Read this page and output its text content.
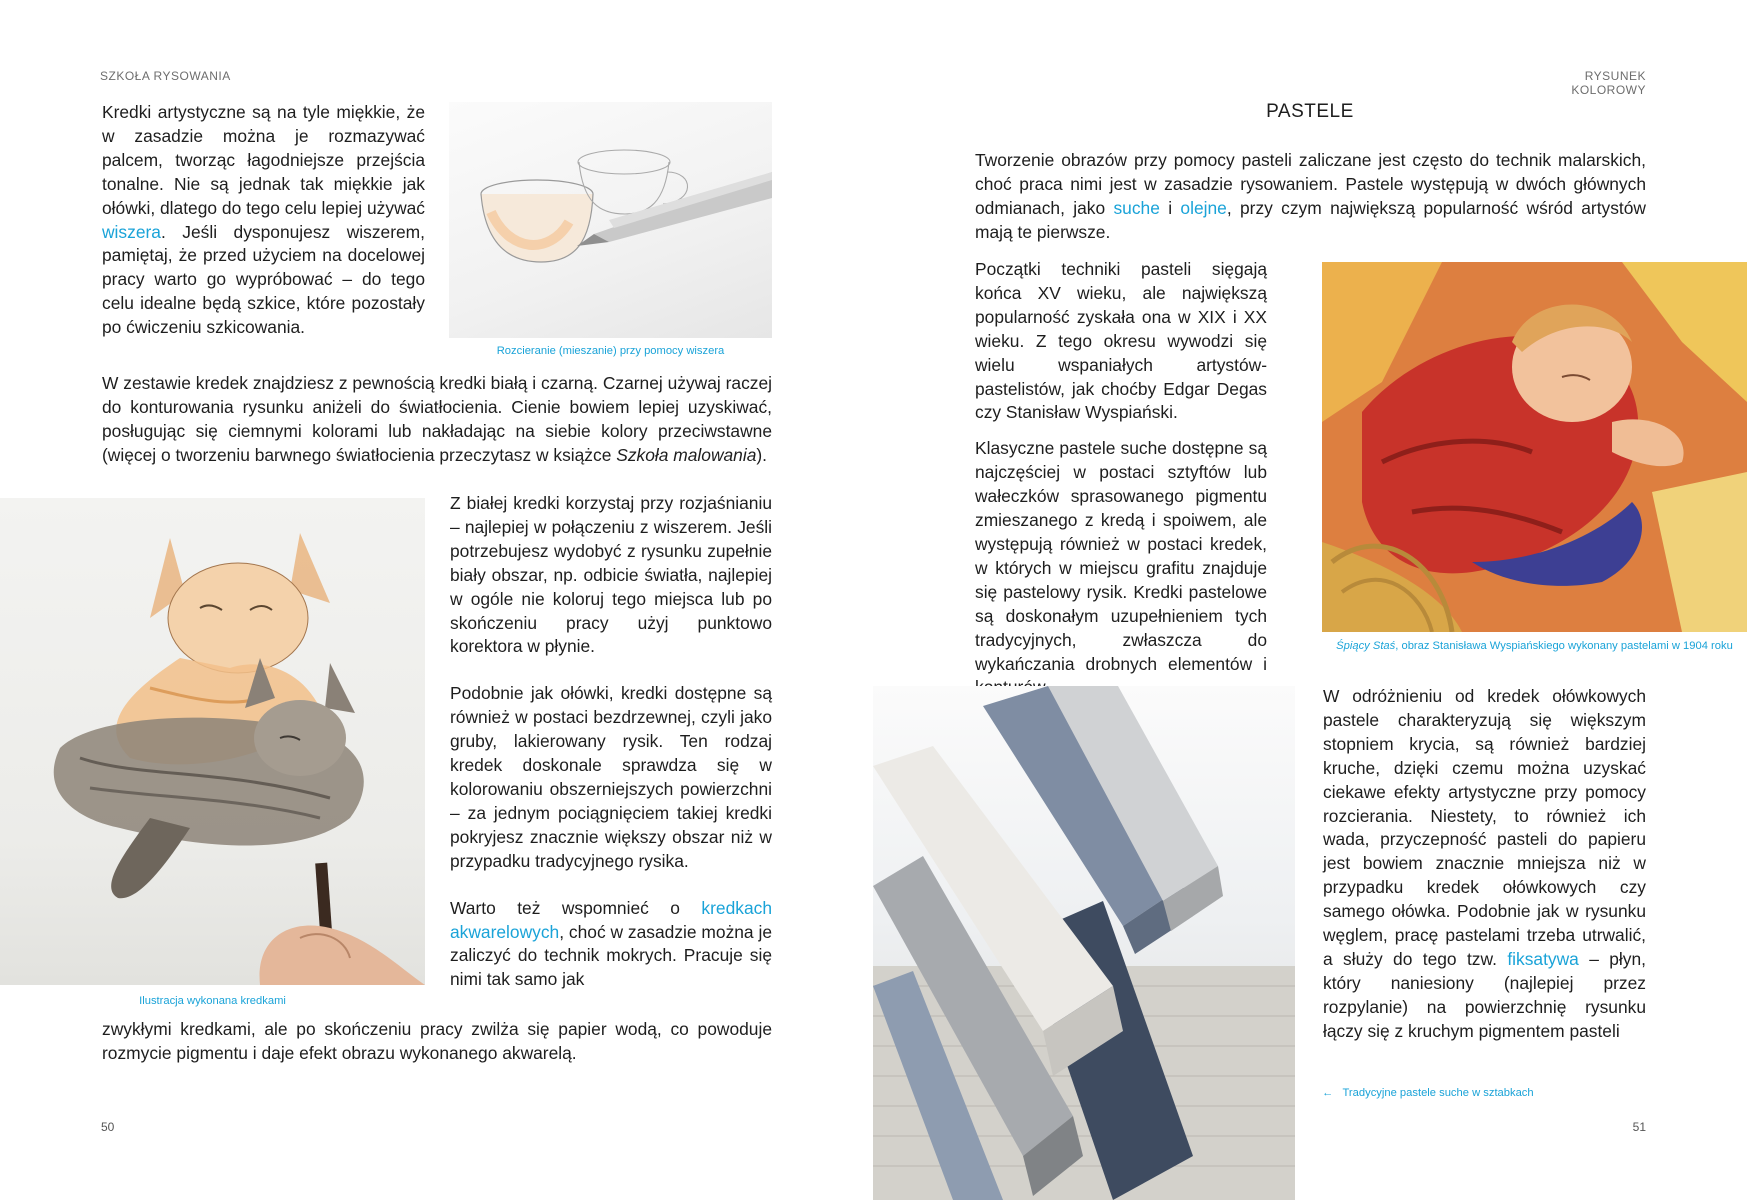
SZKOŁA RYSOWANIA
Kredki artystyczne są na tyle miękkie, że w zasadzie można je rozmazywać palcem, tworząc łagodniejsze przejścia tonalne. Nie są jednak tak miękkie jak ołówki, dlatego do tego celu lepiej używać wiszera. Jeśli dysponujesz wiszerem, pamiętaj, że przed użyciem na docelowej pracy warto go wypróbować – do tego celu idealne będą szkice, które pozostały po ćwiczeniu szkicowania.
Rozcieranie (mieszanie) przy pomocy wiszera
W zestawie kredek znajdziesz z pewnością kredki białą i czarną. Czarnej używaj raczej do konturowania rysunku aniżeli do światłocienia. Cienie bowiem lepiej uzyskiwać, posługując się ciemnymi kolorami lub nakładając na siebie kolory przeciwstawne (więcej o tworzeniu barwnego światłocienia przeczytasz w książce Szkoła malowania).
Ilustracja wykonana kredkami

Z białej kredki korzystaj przy rozjaśnianiu – najlepiej w połączeniu z wiszerem. Jeśli potrzebujesz wydobyć z rysunku zupełnie biały obszar, np. odbicie światła, najlepiej w ogóle nie koloruj tego miejsca lub po skończeniu pracy użyj punktowo korektora w płynie.

Podobnie jak ołówki, kredki dostępne są również w postaci bezdrzewnej, czyli jako gruby, lakierowany rysik. Ten rodzaj kredek doskonale sprawdza się w kolorowaniu obszerniejszych powierzchni – za jednym pociągnięciem takiej kredki pokryjesz znacznie większy obszar niż w przypadku tradycyjnego rysika.

Warto też wspomnieć o kredkach akwarelowych, choć w zasadzie można je zaliczyć do technik mokrych. Pracuje się nimi tak samo jak

zwykłymi kredkami, ale po skończeniu pracy zwilża się papier wodą, co powoduje rozmycie pigmentu i daje efekt obrazu wykonanego akwarelą.
50
RYSUNEK KOLOROWY
PASTELE
Tworzenie obrazów przy pomocy pasteli zaliczane jest często do technik malarskich, choć praca nimi jest w zasadzie rysowaniem. Pastele występują w dwóch głównych odmianach, jako suche i olejne, przy czym największą popularność wśród artystów mają te pierwsze.

Początki techniki pasteli sięgają końca XV wieku, ale największą popularność zyskała ona w XIX i XX wieku. Z tego okresu wywodzi się wielu wspaniałych artystów-pastelistów, jak choćby Edgar Degas czy Stanisław Wyspiański.

Klasyczne pastele suche dostępne są najczęściej w postaci sztyftów lub wałeczków sprasowanego pigmentu zmieszanego z kredą i spoiwem, ale występują również w postaci kredek, w których w miejscu grafitu znajduje się pastelowy rysik. Kredki pastelowe są doskonałym uzupełnieniem tych tradycyjnych, zwłaszcza do wykańczania drobnych elementów i

Śpiący Staś, obraz Stanisława Wyspiańskiego wykonany pastelami w 1904 roku
W odróżnieniu od kredek ołówkowych pastele charakteryzują się większym stopniem krycia, są również bardziej kruche, dzięki czemu można uzyskać ciekawe efekty artystyczne przy pomocy rozcierania. Niestety, to również ich wada, przyczepność pasteli do papieru jest bowiem znacznie mniejsza niż w przypadku kredek ołówkowych czy samego ołówka. Podobnie jak w rysunku węglem, pracę pastelami trzeba utrwalić, a służy do tego tzw. fiksatywa – płyn, który naniesiony (najlepiej przez rozpylanie) na powierzchnię rysunku łączy się z kruchym pigmentem pasteli
← Tradycyjne pastele suche w sztabkach
51
